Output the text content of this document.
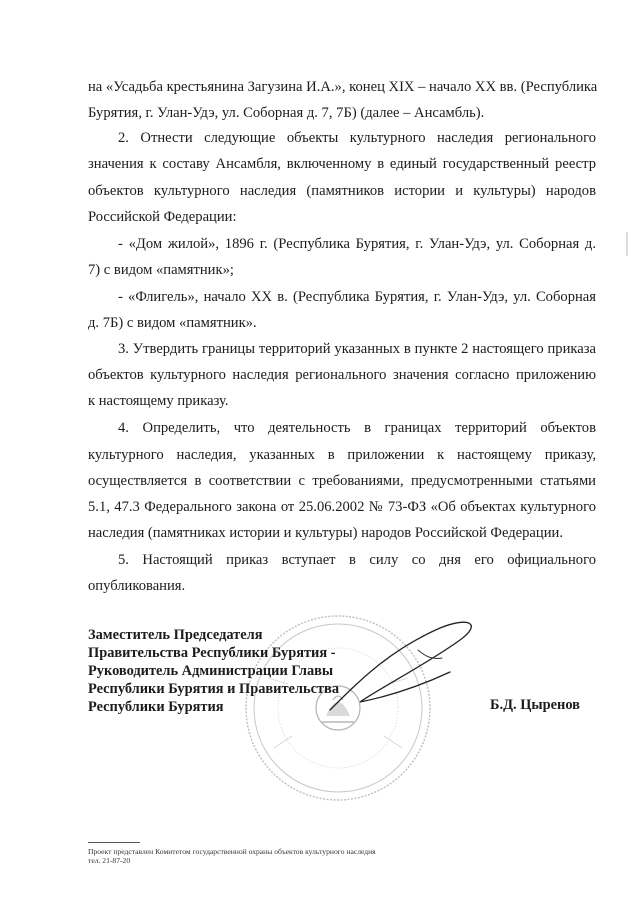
на «Усадьба крестьянина Загузина И.А.», конец XIX – начало XX вв. (Республика
Бурятия, г. Улан-Удэ, ул. Соборная д. 7, 7Б) (далее – Ансамбль).
2. Отнести следующие объекты культурного наследия регионального
значения к составу Ансамбля, включенному в единый государственный реестр
объектов культурного наследия (памятников истории и культуры) народов
Российской Федерации:
- «Дом жилой», 1896 г. (Республика Бурятия, г. Улан-Удэ, ул. Соборная д.
7) с видом «памятник»;
- «Флигель», начало XX в. (Республика Бурятия, г. Улан-Удэ, ул. Соборная
д. 7Б) с видом «памятник».
3. Утвердить границы территорий указанных в пункте 2 настоящего приказа
объектов культурного наследия регионального значения согласно приложению
к настоящему приказу.
4. Определить, что деятельность в границах территорий объектов
культурного наследия, указанных в приложении к настоящему приказу,
осуществляется в соответствии с требованиями, предусмотренными статьями
5.1, 47.3 Федерального закона от 25.06.2002 № 73-ФЗ «Об объектах культурного
наследия (памятниках истории и культуры) народов Российской Федерации.
5. Настоящий приказ вступает в силу со дня его официального
опубликования.
Заместитель Председателя
Правительства Республики Бурятия -
Руководитель Администрации Главы
Республики Бурятия и Правительства
Республики Бурятия	Б.Д. Цыренов
Проект представлен Комитетом государственной охраны объектов культурного наследия
тел. 21-87-20
